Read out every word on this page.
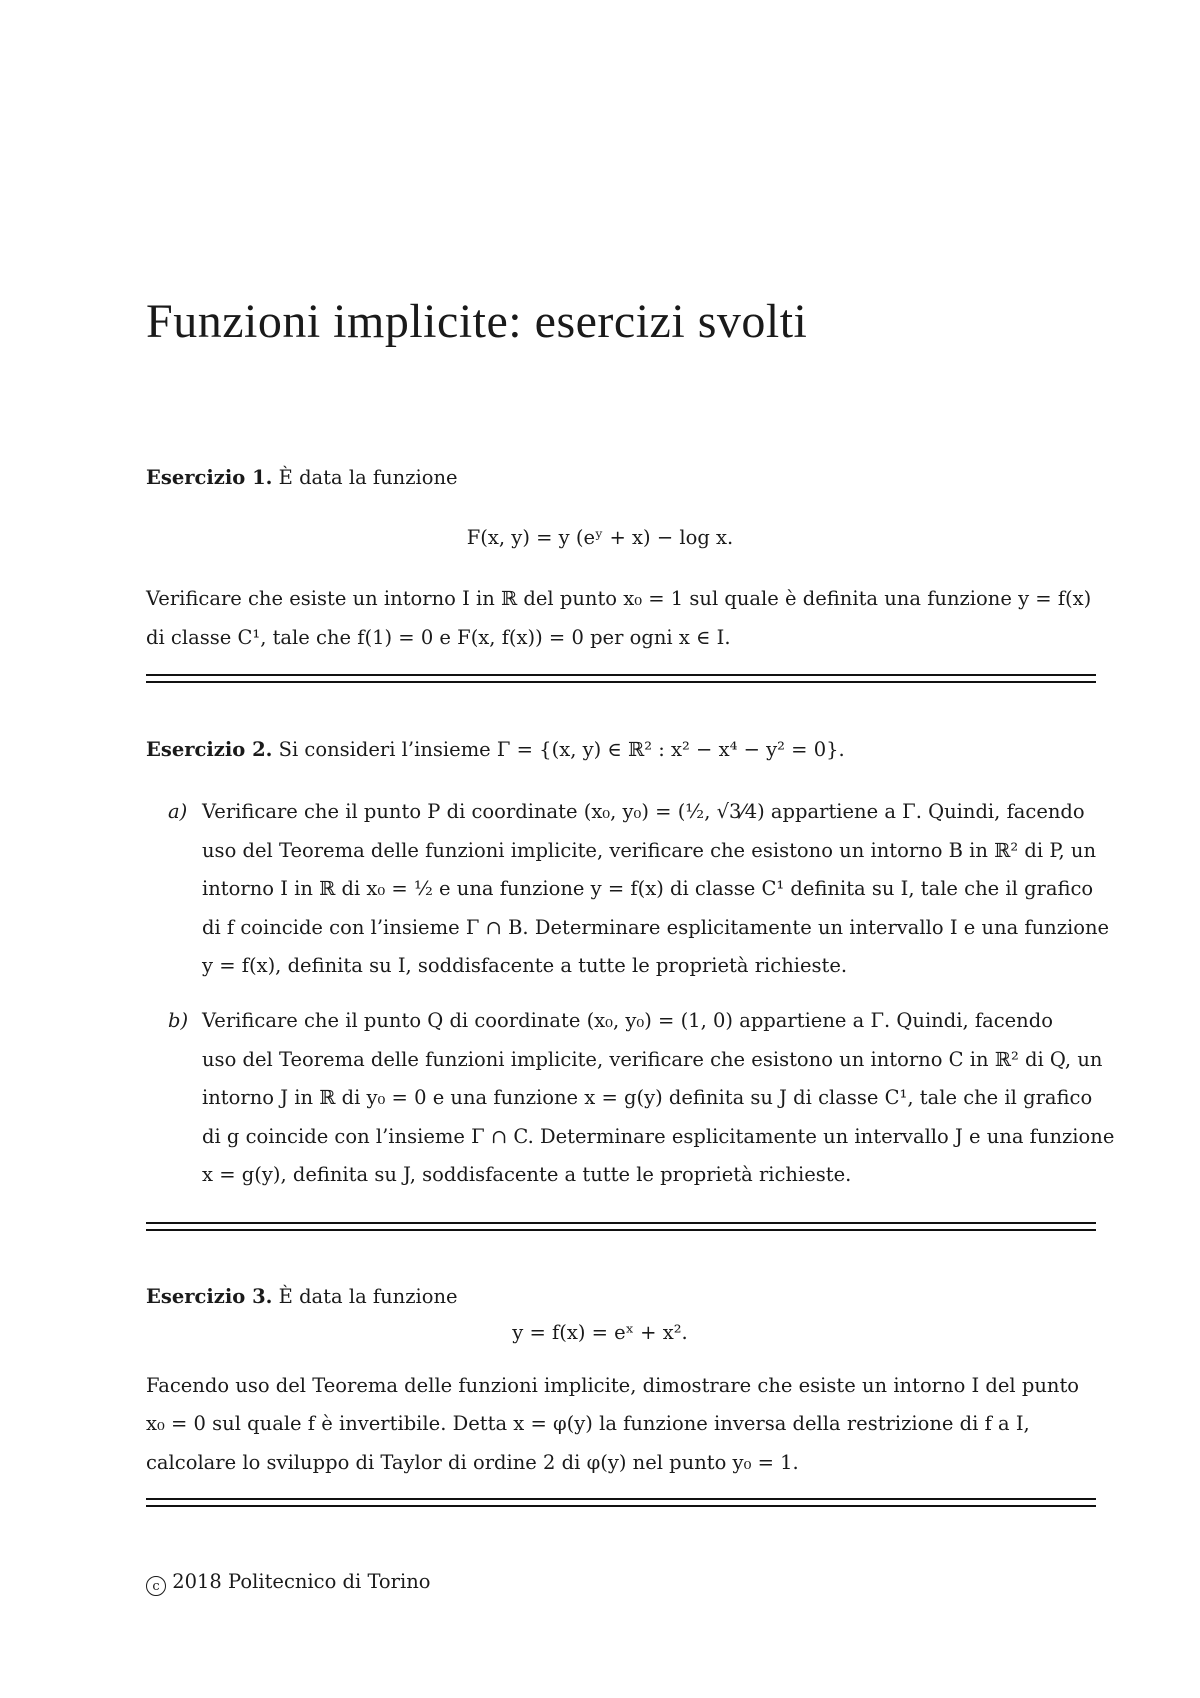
Funzioni implicite: esercizi svolti
Esercizio 1. È data la funzione
F(x, y) = y (eʸ + x) − log x.
Verificare che esiste un intorno I in ℝ del punto x₀ = 1 sul quale è definita una funzione y = f(x)
di classe C¹, tale che f(1) = 0 e F(x, f(x)) = 0 per ogni x ∈ I.
Esercizio 2. Si consideri l’insieme Γ = {(x, y) ∈ ℝ² : x² − x⁴ − y² = 0}.
a) Verificare che il punto P di coordinate (x₀, y₀) = (½, √3⁄4) appartiene a Γ. Quindi, facendo
uso del Teorema delle funzioni implicite, verificare che esistono un intorno B in ℝ² di P, un
intorno I in ℝ di x₀ = ½ e una funzione y = f(x) di classe C¹ definita su I, tale che il grafico
di f coincide con l’insieme Γ ∩ B. Determinare esplicitamente un intervallo I e una funzione
y = f(x), definita su I, soddisfacente a tutte le proprietà richieste.
b) Verificare che il punto Q di coordinate (x₀, y₀) = (1, 0) appartiene a Γ. Quindi, facendo
uso del Teorema delle funzioni implicite, verificare che esistono un intorno C in ℝ² di Q, un
intorno J in ℝ di y₀ = 0 e una funzione x = g(y) definita su J di classe C¹, tale che il grafico
di g coincide con l’insieme Γ ∩ C. Determinare esplicitamente un intervallo J e una funzione
x = g(y), definita su J, soddisfacente a tutte le proprietà richieste.
Esercizio 3. È data la funzione
y = f(x) = eˣ + x².
Facendo uso del Teorema delle funzioni implicite, dimostrare che esiste un intorno I del punto
x₀ = 0 sul quale f è invertibile. Detta x = φ(y) la funzione inversa della restrizione di f a I,
calcolare lo sviluppo di Taylor di ordine 2 di φ(y) nel punto y₀ = 1.
c 2018 Politecnico di Torino
